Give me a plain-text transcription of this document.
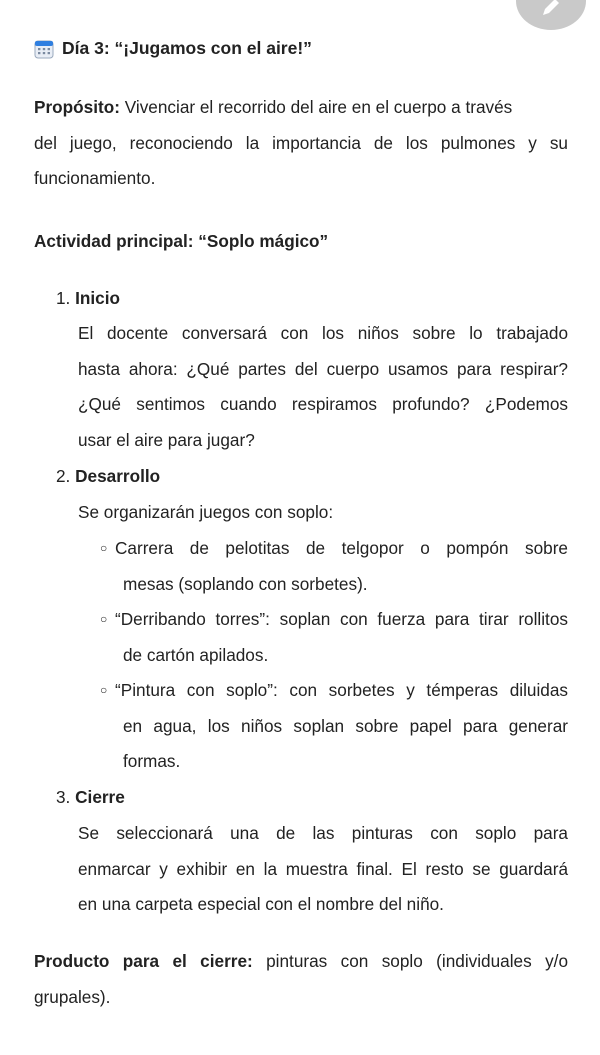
Día 3: “¡Jugamos con el aire!”
Propósito: Vivenciar el recorrido del aire en el cuerpo a través
del juego, reconociendo la importancia de los pulmones y su
funcionamiento.
Actividad principal: “Soplo mágico”
1. Inicio
El docente conversará con los niños sobre lo trabajado
hasta ahora: ¿Qué partes del cuerpo usamos para respirar?
¿Qué sentimos cuando respiramos profundo? ¿Podemos
usar el aire para jugar?
2. Desarrollo
Se organizarán juegos con soplo:
○ Carrera de pelotitas de telgopor o pompón sobre
mesas (soplando con sorbetes).
○ “Derribando torres”: soplan con fuerza para tirar rollitos
de cartón apilados.
○ “Pintura con soplo”: con sorbetes y témperas diluidas
en agua, los niños soplan sobre papel para generar
formas.
3. Cierre
Se seleccionará una de las pinturas con soplo para
enmarcar y exhibir en la muestra final. El resto se guardará
en una carpeta especial con el nombre del niño.
Producto para el cierre: pinturas con soplo (individuales y/o
grupales).
